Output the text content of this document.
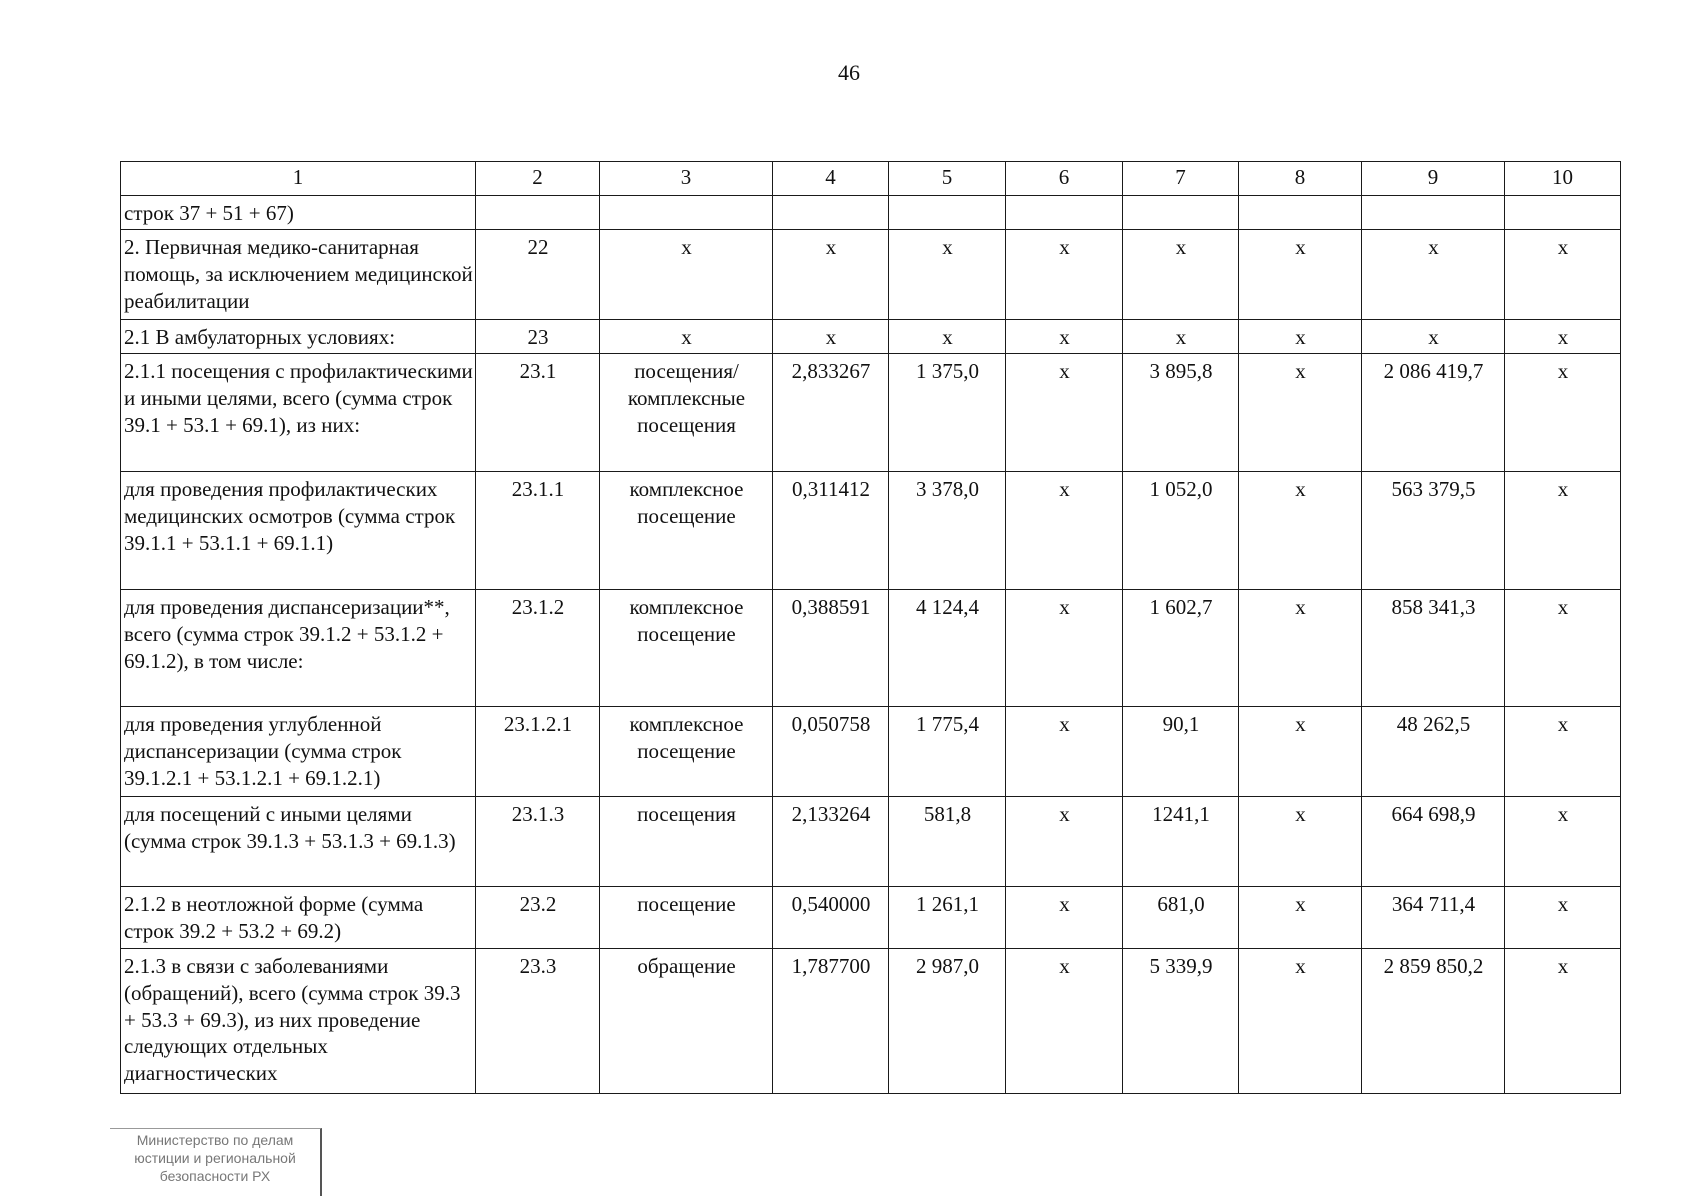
46
1	2	3	4	5	6	7	8	9	10
строк 37 + 51 + 67)									
2. Первичная медико-санитарная помощь, за исключением медицинской реабилитации	22	х	х	х	х	х	х	х	х
2.1 В амбулаторных условиях:	23	х	х	х	х	х	х	х	х
2.1.1 посещения с профилактическими и иными целями, всего (сумма строк 39.1 + 53.1 + 69.1), из них:	23.1	посещения/ комплексные посещения	2,833267	1 375,0	х	3 895,8	х	2 086 419,7	х
для проведения профилактических медицинских осмотров (сумма строк 39.1.1 + 53.1.1 + 69.1.1)	23.1.1	комплексное посещение	0,311412	3 378,0	х	1 052,0	х	563 379,5	х
для проведения диспансеризации**, всего (сумма строк 39.1.2 + 53.1.2 + 69.1.2), в том числе:	23.1.2	комплексное посещение	0,388591	4 124,4	х	1 602,7	х	858 341,3	х
для проведения углубленной диспансеризации (сумма строк 39.1.2.1 + 53.1.2.1 + 69.1.2.1)	23.1.2.1	комплексное посещение	0,050758	1 775,4	х	90,1	х	48 262,5	х
для посещений с иными целями (сумма строк 39.1.3 + 53.1.3 + 69.1.3)	23.1.3	посещения	2,133264	581,8	х	1241,1	х	664 698,9	х
2.1.2 в неотложной форме (сумма строк 39.2 + 53.2 + 69.2)	23.2	посещение	0,540000	1 261,1	х	681,0	х	364 711,4	х
2.1.3 в связи с заболеваниями (обращений), всего (сумма строк 39.3 + 53.3 + 69.3), из них проведение следующих отдельных диагностических	23.3	обращение	1,787700	2 987,0	х	5 339,9	х	2 859 850,2	х
Министерство по делам
юстиции и региональной
безопасности РХ
